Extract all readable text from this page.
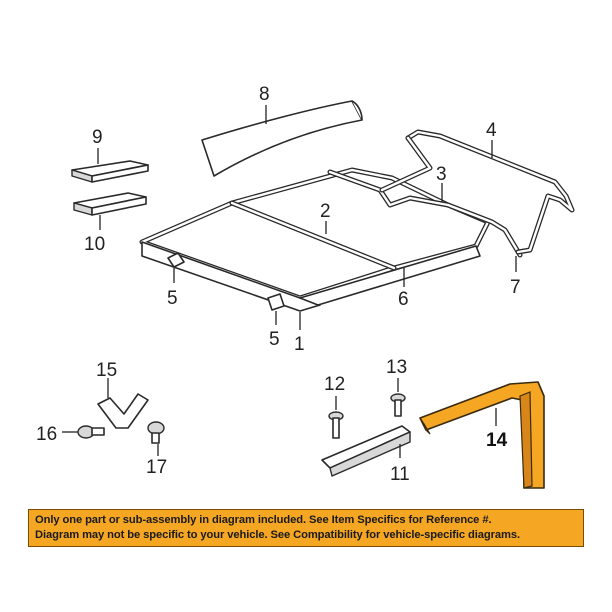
8
9
10
2
6
1
5
5
3
4
7
15
16
17
12
13
11
14
Only one part or sub-assembly in diagram included. See Item Specifics for Reference #.
Diagram may not be specific to your vehicle. See Compatibility for vehicle-specific diagrams.
